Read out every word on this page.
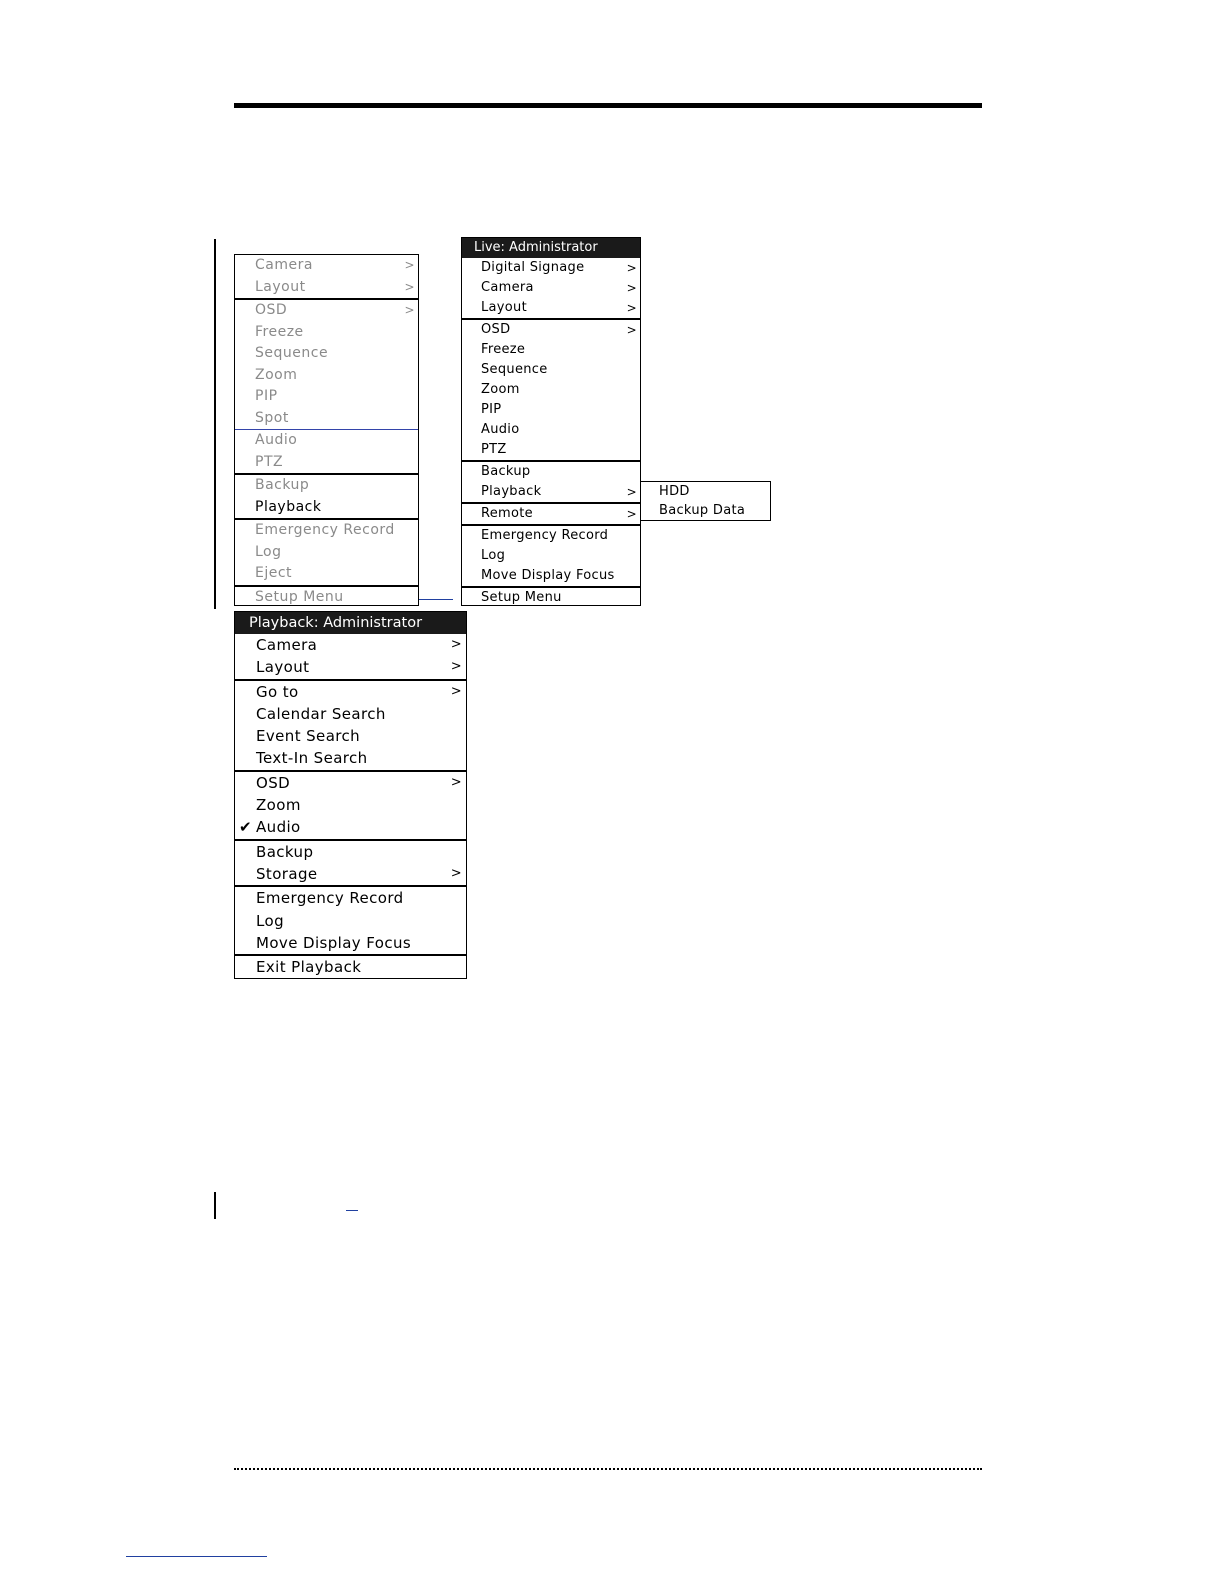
Camera	>
Layout	>
OSD	>
Freeze
Sequence
Zoom
PIP
Spot
Audio
PTZ
Backup
Playback
Emergency Record
Log
Eject
Setup Menu
Live: Administrator
Digital Signage	>
Camera	>
Layout	>
OSD	>
Freeze
Sequence
Zoom
PIP
Audio
PTZ
Backup
Playback	>
Remote	>
Emergency Record
Log
Move Display Focus
Setup Menu
HDD
Backup Data
Playback: Administrator
Camera	>
Layout	>
Go to	>
Calendar Search
Event Search
Text-In Search
OSD	>
Zoom
✔ Audio
Backup
Storage	>
Emergency Record
Log
Move Display Focus
Exit Playback
